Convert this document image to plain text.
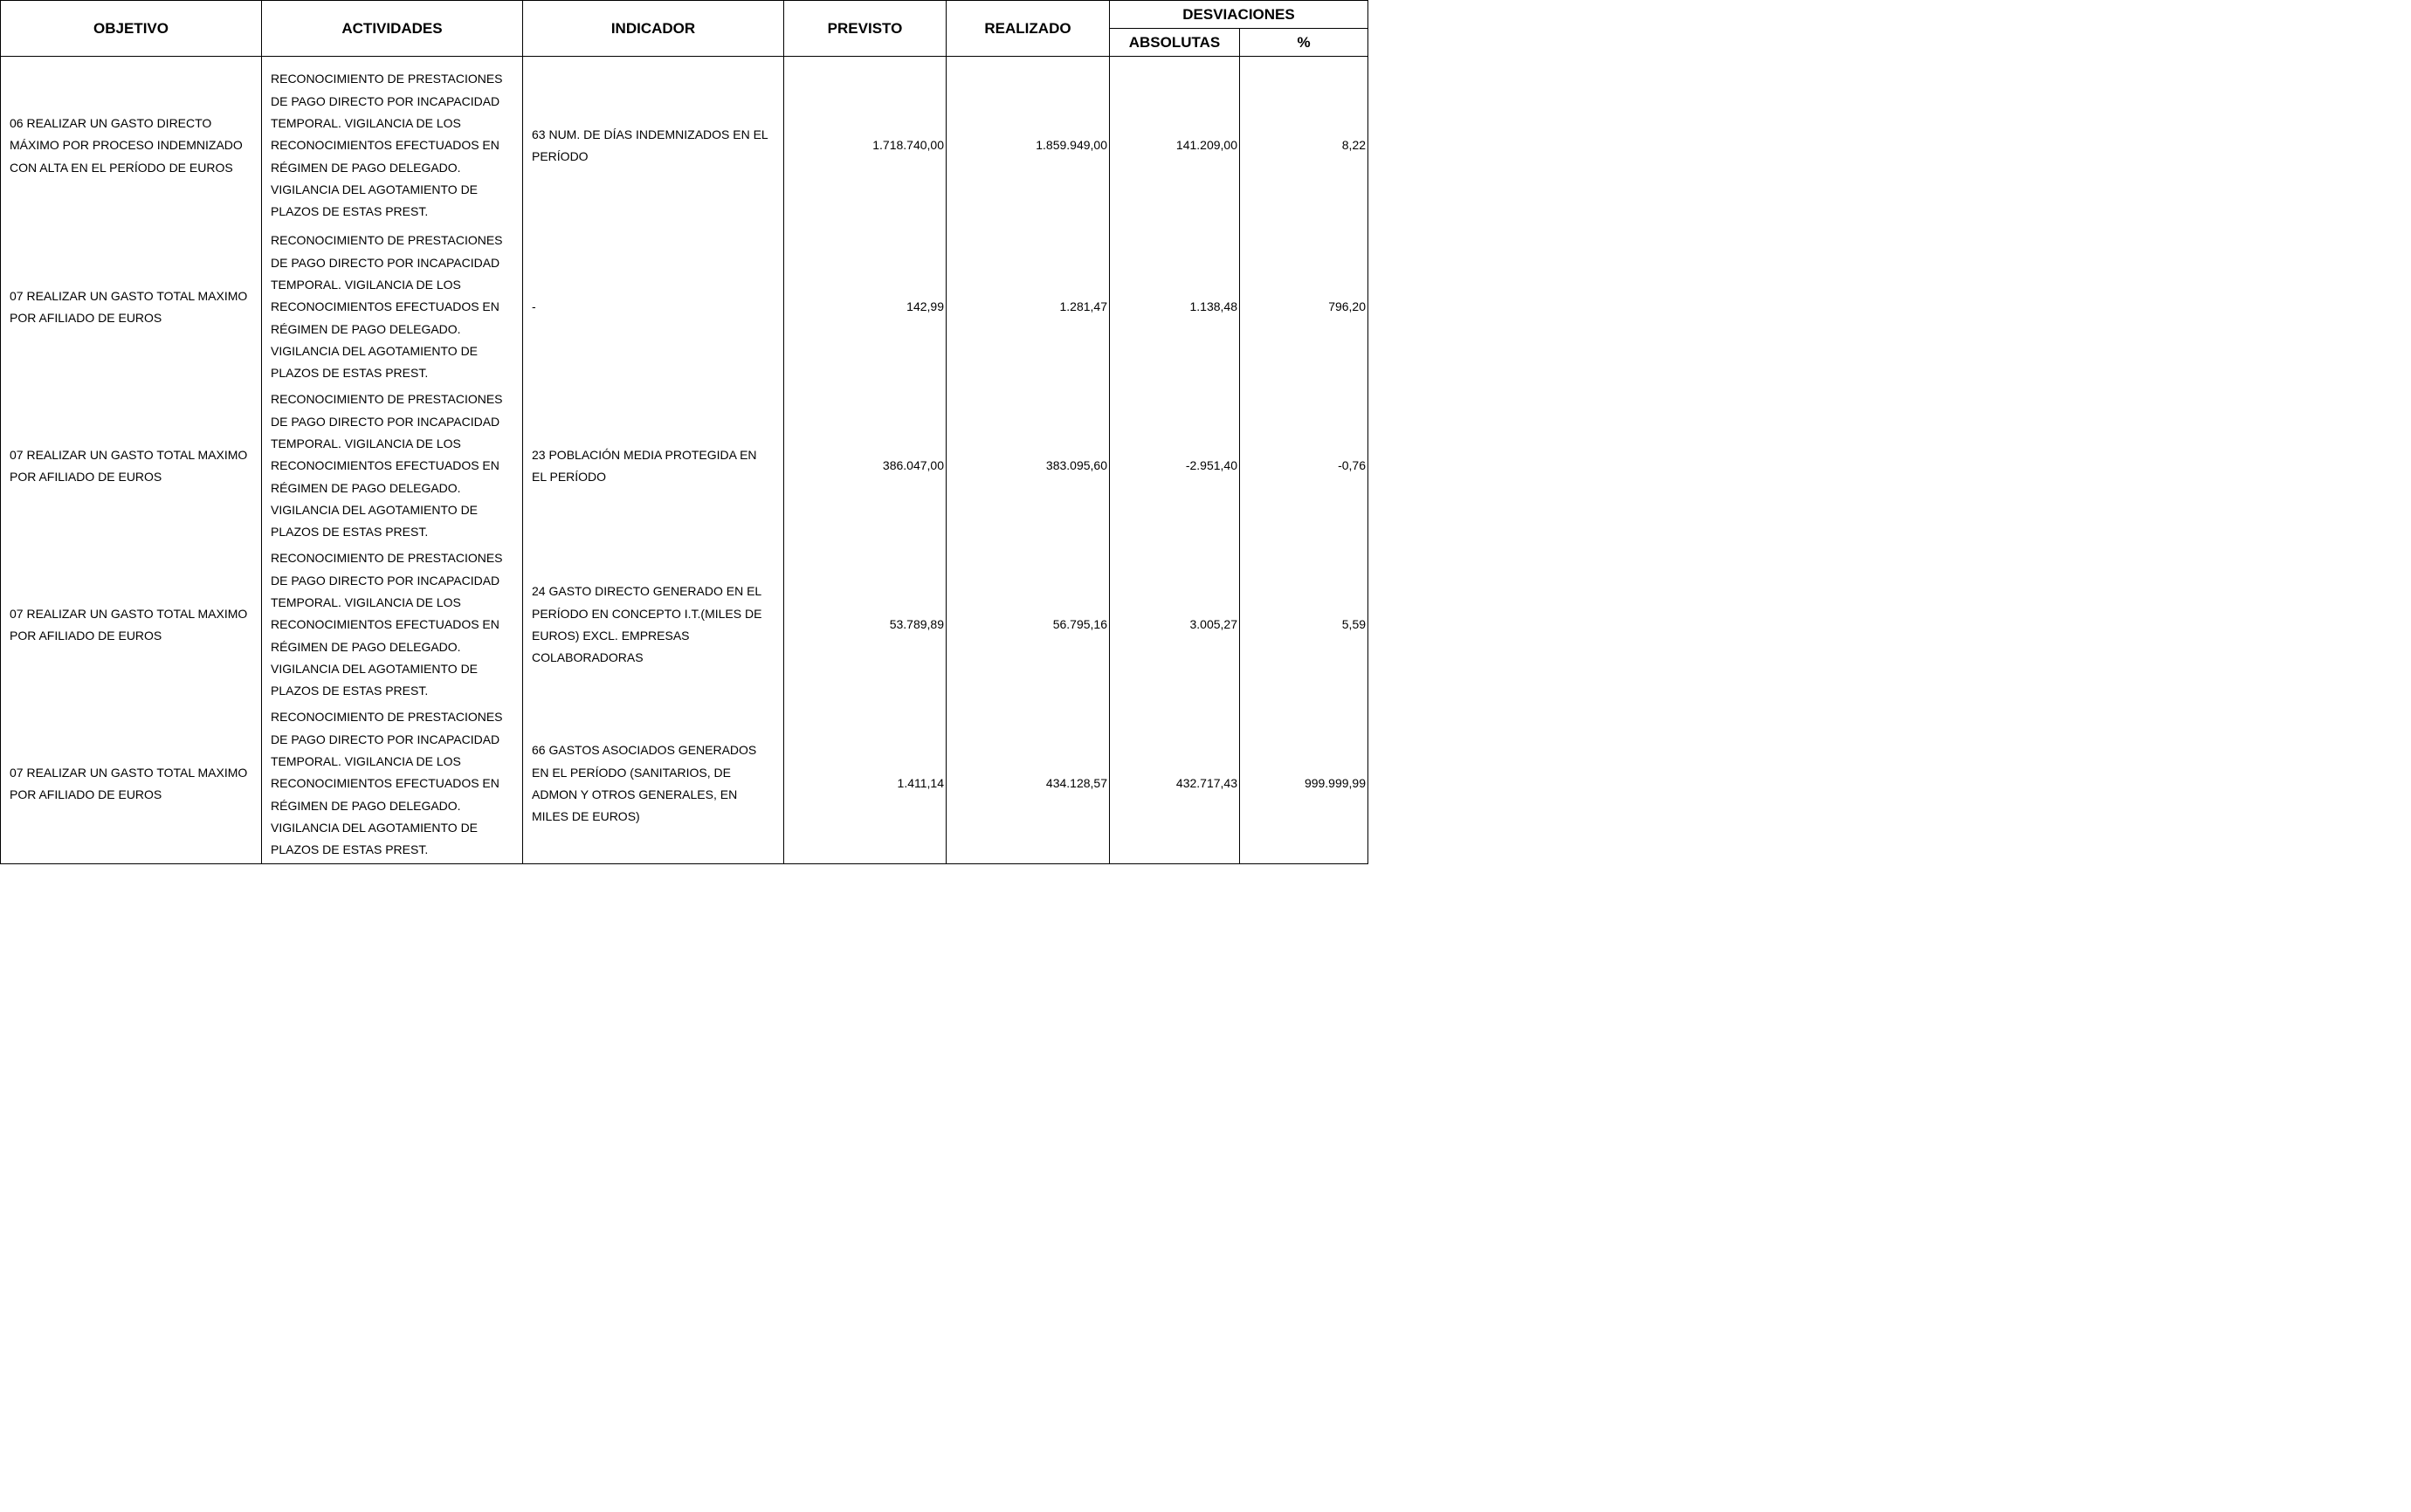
OBJETIVO	ACTIVIDADES	INDICADOR	PREVISTO	REALIZADO	DESVIACIONES	
					ABSOLUTAS	%
06 REALIZAR UN GASTO DIRECTO MÁXIMO POR PROCESO INDEMNIZADO CON ALTA EN EL PERÍODO DE EUROS	RECONOCIMIENTO DE PRESTACIONES DE PAGO DIRECTO POR INCAPACIDAD TEMPORAL. VIGILANCIA DE LOS RECONOCIMIENTOS EFECTUADOS EN RÉGIMEN DE PAGO DELEGADO. VIGILANCIA DEL AGOTAMIENTO DE PLAZOS DE ESTAS PREST.	63 NUM. DE DÍAS INDEMNIZADOS EN EL PERÍODO	1.718.740,00	1.859.949,00	141.209,00	8,22
07 REALIZAR UN GASTO TOTAL MAXIMO POR AFILIADO DE EUROS	RECONOCIMIENTO DE PRESTACIONES DE PAGO DIRECTO POR INCAPACIDAD TEMPORAL. VIGILANCIA DE LOS RECONOCIMIENTOS EFECTUADOS EN RÉGIMEN DE PAGO DELEGADO. VIGILANCIA DEL AGOTAMIENTO DE PLAZOS DE ESTAS PREST.	-	142,99	1.281,47	1.138,48	796,20
07 REALIZAR UN GASTO TOTAL MAXIMO POR AFILIADO DE EUROS	RECONOCIMIENTO DE PRESTACIONES DE PAGO DIRECTO POR INCAPACIDAD TEMPORAL. VIGILANCIA DE LOS RECONOCIMIENTOS EFECTUADOS EN RÉGIMEN DE PAGO DELEGADO. VIGILANCIA DEL AGOTAMIENTO DE PLAZOS DE ESTAS PREST.	23 POBLACIÓN MEDIA PROTEGIDA EN EL PERÍODO	386.047,00	383.095,60	-2.951,40	-0,76
07 REALIZAR UN GASTO TOTAL MAXIMO POR AFILIADO DE EUROS	RECONOCIMIENTO DE PRESTACIONES DE PAGO DIRECTO POR INCAPACIDAD TEMPORAL. VIGILANCIA DE LOS RECONOCIMIENTOS EFECTUADOS EN RÉGIMEN DE PAGO DELEGADO. VIGILANCIA DEL AGOTAMIENTO DE PLAZOS DE ESTAS PREST.	24 GASTO DIRECTO GENERADO EN EL PERÍODO EN CONCEPTO I.T.(MILES DE EUROS) EXCL. EMPRESAS COLABORADORAS	53.789,89	56.795,16	3.005,27	5,59
07 REALIZAR UN GASTO TOTAL MAXIMO POR AFILIADO DE EUROS	RECONOCIMIENTO DE PRESTACIONES DE PAGO DIRECTO POR INCAPACIDAD TEMPORAL. VIGILANCIA DE LOS RECONOCIMIENTOS EFECTUADOS EN RÉGIMEN DE PAGO DELEGADO. VIGILANCIA DEL AGOTAMIENTO DE PLAZOS DE ESTAS PREST.	66 GASTOS ASOCIADOS GENERADOS EN EL PERÍODO (SANITARIOS, DE ADMON Y OTROS GENERALES, EN MILES DE EUROS)	1.411,14	434.128,57	432.717,43	999.999,99
